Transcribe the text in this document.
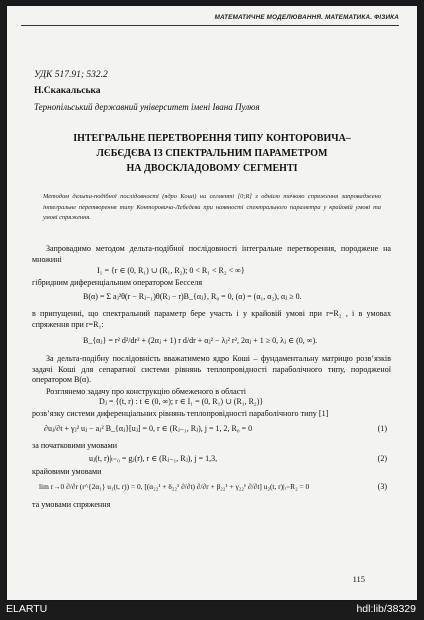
МАТЕМАТИЧНЕ МОДЕЛЮВАННЯ. МАТЕМАТИКА. ФІЗИКА
УДК 517.91; 532.2
Н.Скакальська
Тернопільський державний університет імені Івана Пулюя
ІНТЕГРАЛЬНЕ ПЕРЕТВОРЕННЯ ТИПУ КОНТОРОВИЧА–
ЛЄБЄДЄВА ІЗ СПЕКТРАЛЬНИМ ПАРАМЕТРОМ
НА ДВОСКЛАДОВОМУ СЕГМЕНТІ
Методом дельта-подібної послідовності (ядро Коші) на сегменті [0;R] з однією точкою спряження запроваджено інтегральне перетворення типу Конторовича-Лєбєдєва при наявності спектрального параметра у крайовій умові та умові спряження.
Запровадимо методом дельта-подібної послідовності інтегральне перетворення, породжене на множині
I₁ = {r ∈ (0, R₁) ∪ (R₁, R₂); 0 < R₁ < R₂ < ∞}
гібридним диференціальним оператором Бесселя
B(α) = Σ aⱼ²θ(r − Rⱼ₋₁)θ(Rⱼ − r)B_{αⱼ}, R₀ = 0, (α) = (α₁, α₂), αⱼ ≥ 0.
в припущенні, що спектральний параметр бере участь і у крайовій умові при r=R₂ , і в умовах спряження при r=R₁:
B_{αⱼ} = r² d²/dr² + (2αⱼ + 1) r d/dr + αⱼ² − λⱼ² r², 2αⱼ + 1 ≥ 0, λⱼ ∈ (0, ∞).
За дельта-подібну послідовність вважатимемо ядро Коші – фундаментальну матрицю розв’язків задачі Коші для сепаратної системи рівнянь теплопровідності параболічного типу, породженої оператором B(α).
Розглянемо задачу про конструкцію обмеженого в області
Dⱼ = {(t, r) : t ∈ (0, ∞); r ∈ I₁ = (0, R₁) ∪ (R₁, R₂)}
розв’язку системи диференціальних рівнянь теплопровідності параболічного типу [1]
∂uⱼ/∂t + γⱼ² uⱼ − aⱼ² B_{αⱼ}[uⱼ] = 0, r ∈ (Rⱼ₋₁, Rⱼ), j = 1, 2, R₀ = 0	(1)
за початковими умовами
uⱼ(t, r)|ₜ₌₀ = gⱼ(r), r ∈ (Rⱼ₋₁, Rⱼ), j = 1,3,	(2)
крайовими умовами
lim r→0 ∂/∂r (r^{2α₁} u₁(t, r)) = 0, [(α₂₂¹ + δ₂₂¹ ∂/∂t) ∂/∂r + β₂₂¹ + γ₂₂¹ ∂/∂t] u₂(t, r)|ᵣ₌R₂ = 0	(3)
та умовами спряження
115
ELARTU	hdl:lib/38329
